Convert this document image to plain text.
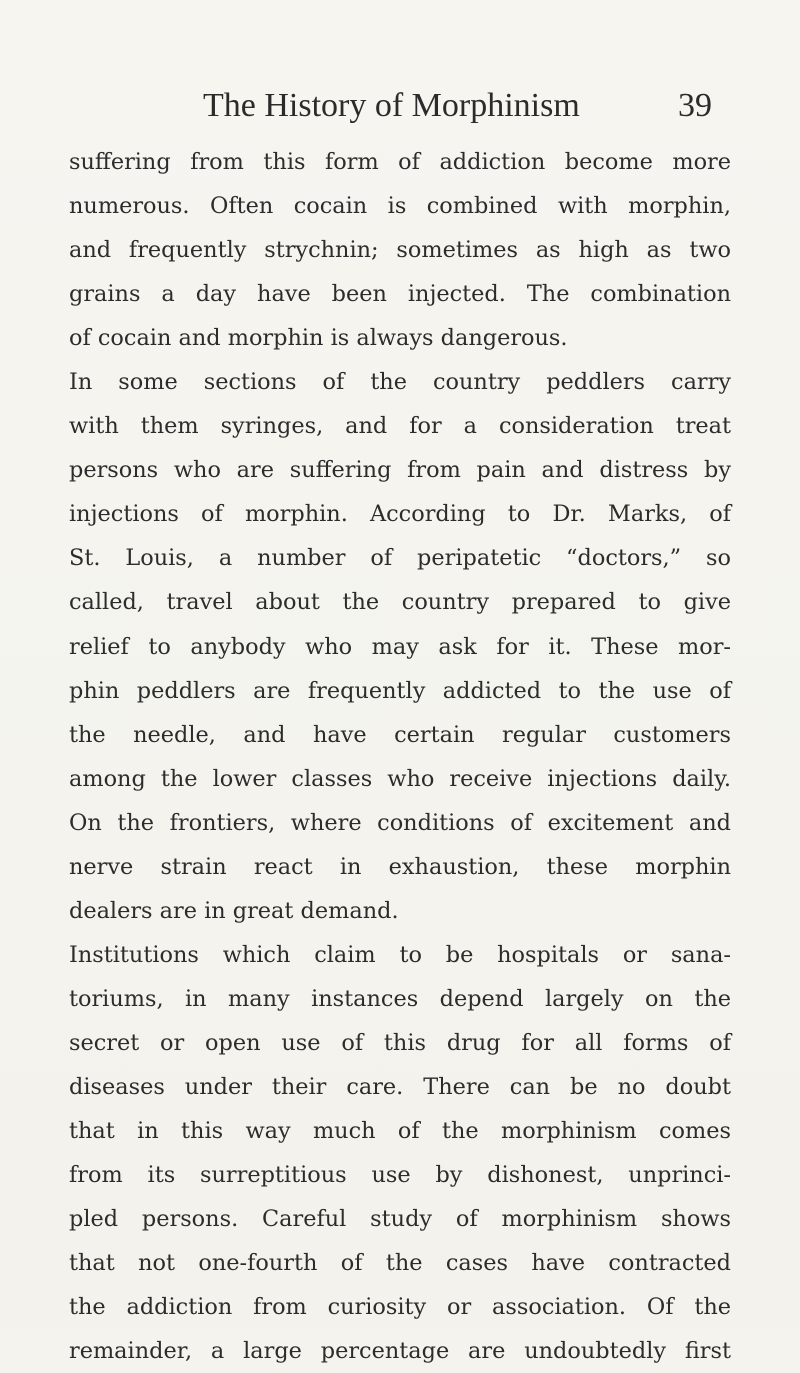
The History of Morphinism	39
suffering from this form of addiction become more
numerous. Often cocain is combined with morphin,
and frequently strychnin; sometimes as high as two
grains a day have been injected. The combination
of cocain and morphin is always dangerous.
In some sections of the country peddlers carry
with them syringes, and for a consideration treat
persons who are suffering from pain and distress by
injections of morphin. According to Dr. Marks, of
St. Louis, a number of peripatetic “doctors,” so
called, travel about the country prepared to give
relief to anybody who may ask for it. These mor-
phin peddlers are frequently addicted to the use of
the needle, and have certain regular customers
among the lower classes who receive injections daily.
On the frontiers, where conditions of excitement and
nerve strain react in exhaustion, these morphin
dealers are in great demand.
Institutions which claim to be hospitals or sana-
toriums, in many instances depend largely on the
secret or open use of this drug for all forms of
diseases under their care. There can be no doubt
that in this way much of the morphinism comes
from its surreptitious use by dishonest, unprinci-
pled persons. Careful study of morphinism shows
that not one-fourth of the cases have contracted
the addiction from curiosity or association. Of the
remainder, a large percentage are undoubtedly first
